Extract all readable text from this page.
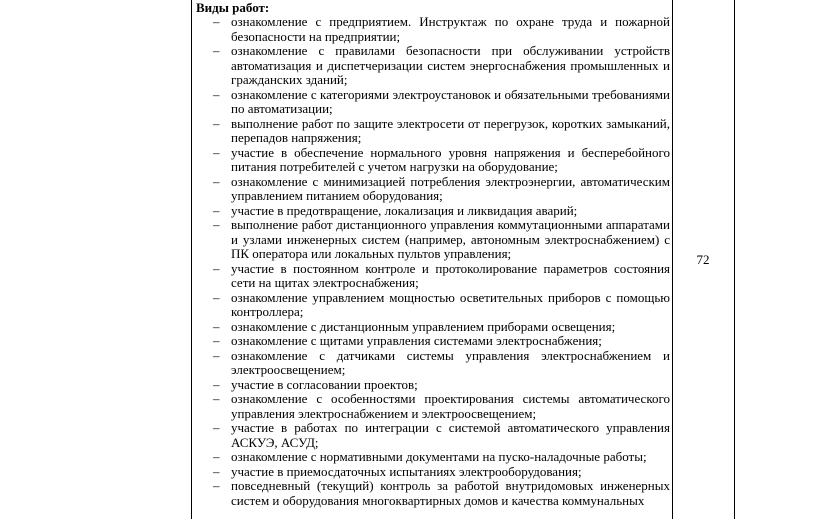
Виды работ:
– ознакомление с предприятием. Инструктаж по охране труда и пожарной безопасности на предприятии;
– ознакомление с правилами безопасности при обслуживании устройств автоматизация и диспетчеризации систем энергоснабжения промышленных и гражданских зданий;
– ознакомление с категориями электроустановок и обязательными требованиями по автоматизации;
– выполнение работ по защите электросети от перегрузок, коротких замыканий, перепадов напряжения;
– участие в обеспечение нормального уровня напряжения и бесперебойного питания потребителей с учетом нагрузки на оборудование;
– ознакомление с минимизацией потребления электроэнергии, автоматическим управлением питанием оборудования;
– участие в предотвращение, локализация и ликвидация аварий;
– выполнение работ дистанционного управления коммутационными аппаратами и узлами инженерных систем (например, автономным электроснабжением) с ПК оператора или локальных пультов управления;
– участие в постоянном контроле и протоколирование параметров состояния сети на щитах электроснабжения;
– ознакомление управлением мощностью осветительных приборов с помощью контроллера;
– ознакомление с дистанционным управлением приборами освещения;
– ознакомление с щитами управления системами электроснабжения;
– ознакомление с датчиками системы управления электроснабжением и электроосвещением;
– участие в согласовании проектов;
– ознакомление с особенностями проектирования системы автоматического управления электроснабжением и электроосвещением;
– участие в работах по интеграции с системой автоматического управления АСКУЭ, АСУД;
– ознакомление с нормативными документами на пуско-наладочные работы;
– участие в приемосдаточных испытаниях электрооборудования;
– повседневный (текущий) контроль за работой внутридомовых инженерных систем и оборудования многоквартирных домов и качества коммунальных
72
